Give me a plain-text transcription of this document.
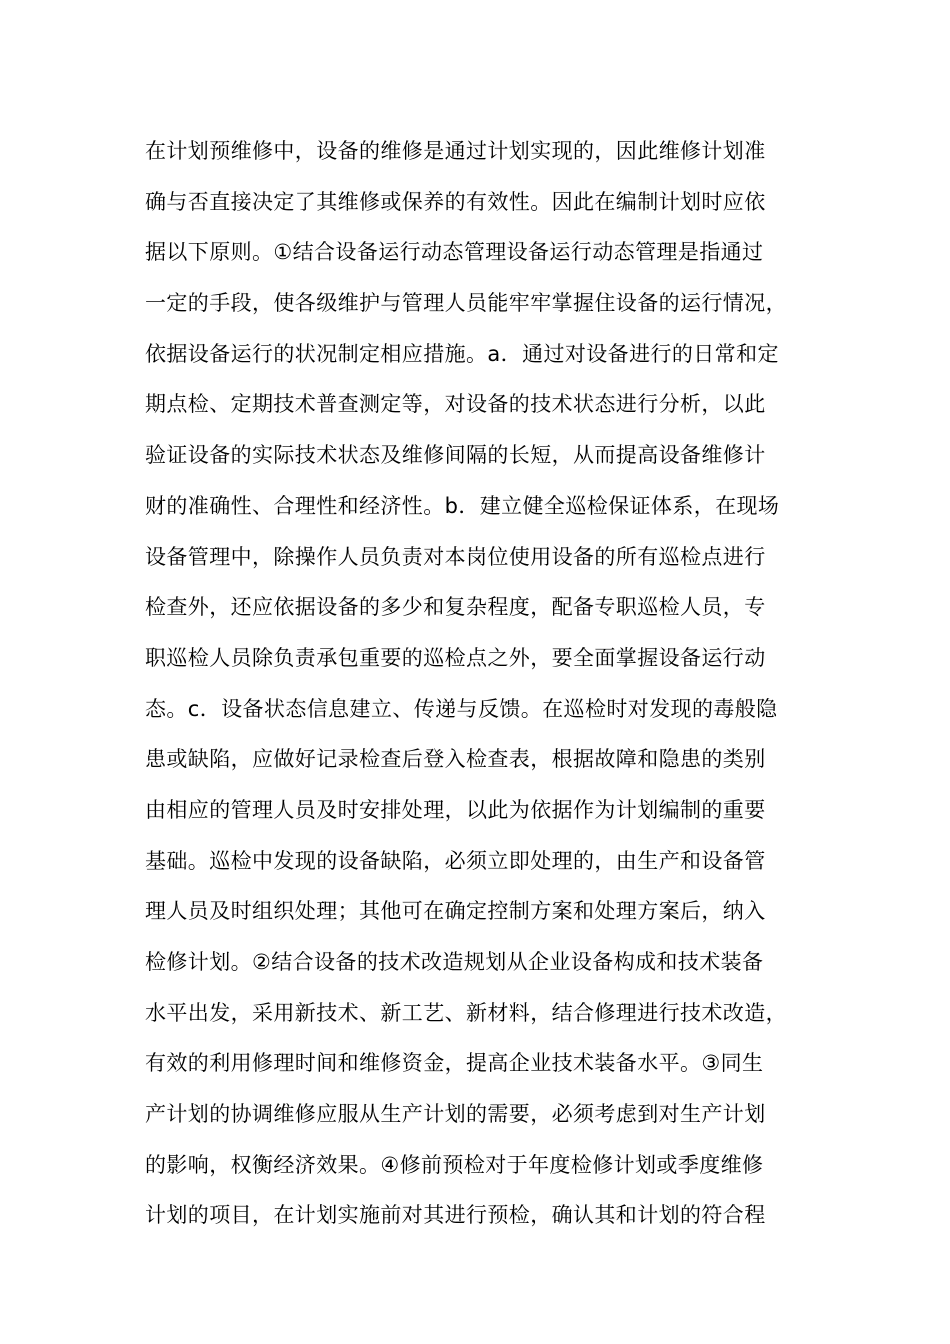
在计划预维修中，设备的维修是通过计划实现的，因此维修计划准
确与否直接决定了其维修或保养的有效性。因此在编制计划时应依
据以下原则。①结合设备运行动态管理设备运行动态管理是指通过
一定的手段，使各级维护与管理人员能牢牢掌握住设备的运行情况，
依据设备运行的状况制定相应措施。a．通过对设备进行的日常和定
期点检、定期技术普查测定等，对设备的技术状态进行分析，以此
验证设备的实际技术状态及维修间隔的长短，从而提高设备维修计
财的准确性、合理性和经济性。b．建立健全巡检保证体系，在现场
设备管理中，除操作人员负责对本岗位使用设备的所有巡检点进行
检查外，还应依据设备的多少和复杂程度，配备专职巡检人员，专
职巡检人员除负责承包重要的巡检点之外，要全面掌握设备运行动
态。c．设备状态信息建立、传递与反馈。在巡检时对发现的毒般隐
患或缺陷，应做好记录检查后登入检查表，根据故障和隐患的类别
由相应的管理人员及时安排处理，以此为依据作为计划编制的重要
基础。巡检中发现的设备缺陷，必须立即处理的，由生产和设备管
理人员及时组织处理；其他可在确定控制方案和处理方案后，纳入
检修计划。②结合设备的技术改造规划从企业设备构成和技术装备
水平出发，采用新技术、新工艺、新材料，结合修理进行技术改造，
有效的利用修理时间和维修资金，提高企业技术装备水平。③同生
产计划的协调维修应服从生产计划的需要，必须考虑到对生产计划
的影响，权衡经济效果。④修前预检对于年度检修计划或季度维修
计划的项目，在计划实施前对其进行预检，确认其和计划的符合程
